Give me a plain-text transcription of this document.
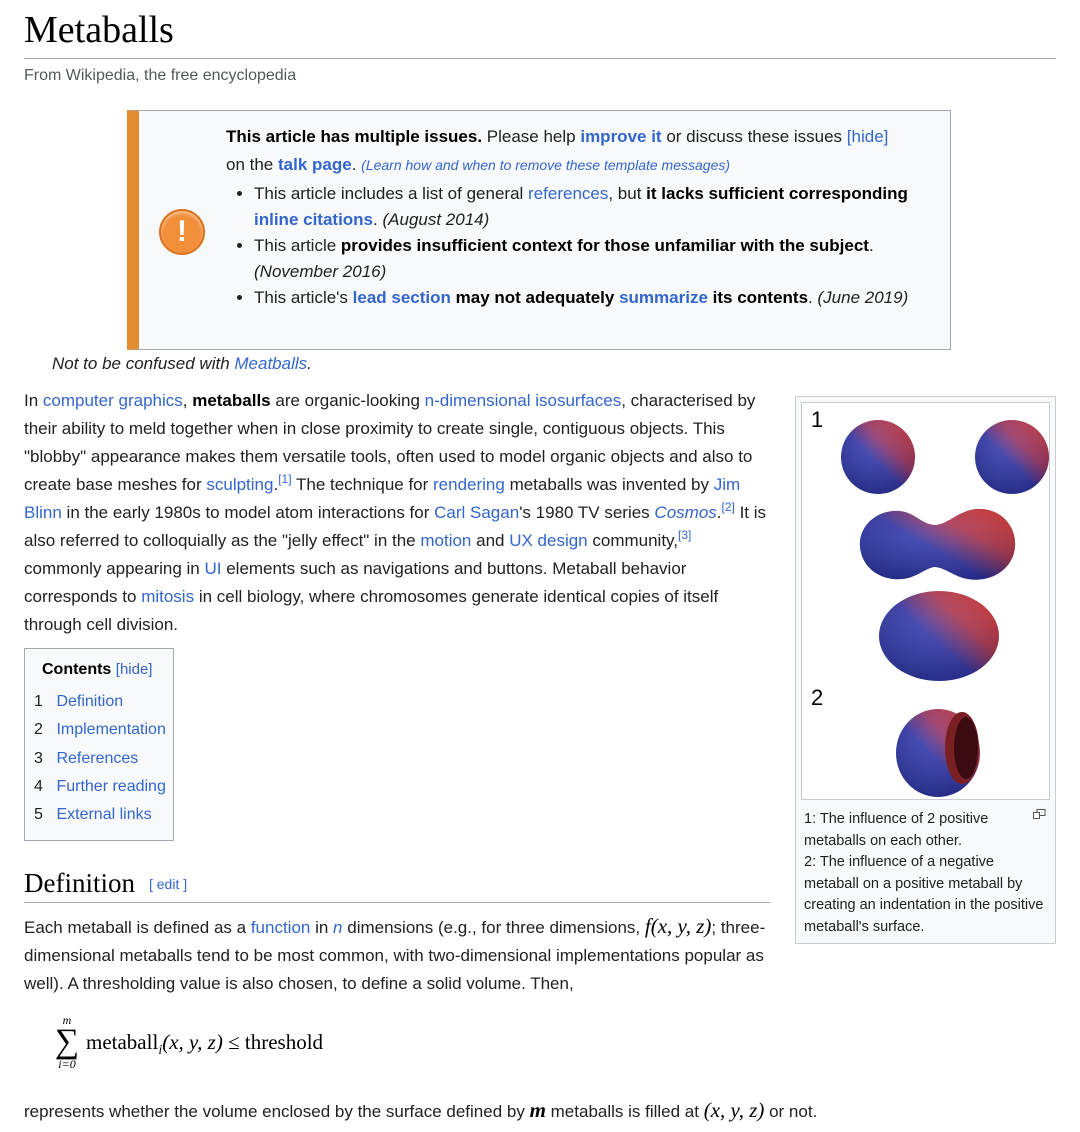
Metaballs
From Wikipedia, the free encyclopedia
!
This article has multiple issues. Please help improve it or discuss these issues [hide]
on the talk page. (Learn how and when to remove these template messages)
• This article includes a list of general references, but it lacks sufficient corresponding inline citations. (August 2014)
• This article provides insufficient context for those unfamiliar with the subject. (November 2016)
• This article's lead section may not adequately summarize its contents. (June 2019)
Not to be confused with Meatballs.

In computer graphics, metaballs are organic-looking n-dimensional isosurfaces, characterised by their ability to meld together when in close proximity to create single, contiguous objects. This "blobby" appearance makes them versatile tools, often used to model organic objects and also to create base meshes for sculpting.[1] The technique for rendering metaballs was invented by Jim Blinn in the early 1980s to model atom interactions for Carl Sagan's 1980 TV series Cosmos.[2] It is also referred to colloquially as the "jelly effect" in the motion and UX design community,[3] commonly appearing in UI elements such as navigations and buttons. Metaball behavior corresponds to mitosis in cell biology, where chromosomes generate identical copies of itself through cell division.

1
2
1: The influence of 2 positive metaballs on each other.
2: The influence of a negative metaball on a positive metaball by creating an indentation in the positive metaball's surface.
Contents [hide]
1 Definition
2 Implementation
3 References
4 Further reading
5 External links
Definition [ edit ]

Each metaball is defined as a function in n dimensions (e.g., for three dimensions, f(x, y, z); three-dimensional metaballs tend to be most common, with two-dimensional implementations popular as well). A thresholding value is also chosen, to define a solid volume. Then,

m
∑
i=0
metaball$_i$(x, y, z) ≤ threshold

represents whether the volume enclosed by the surface defined by m metaballs is filled at (x, y, z) or not.
